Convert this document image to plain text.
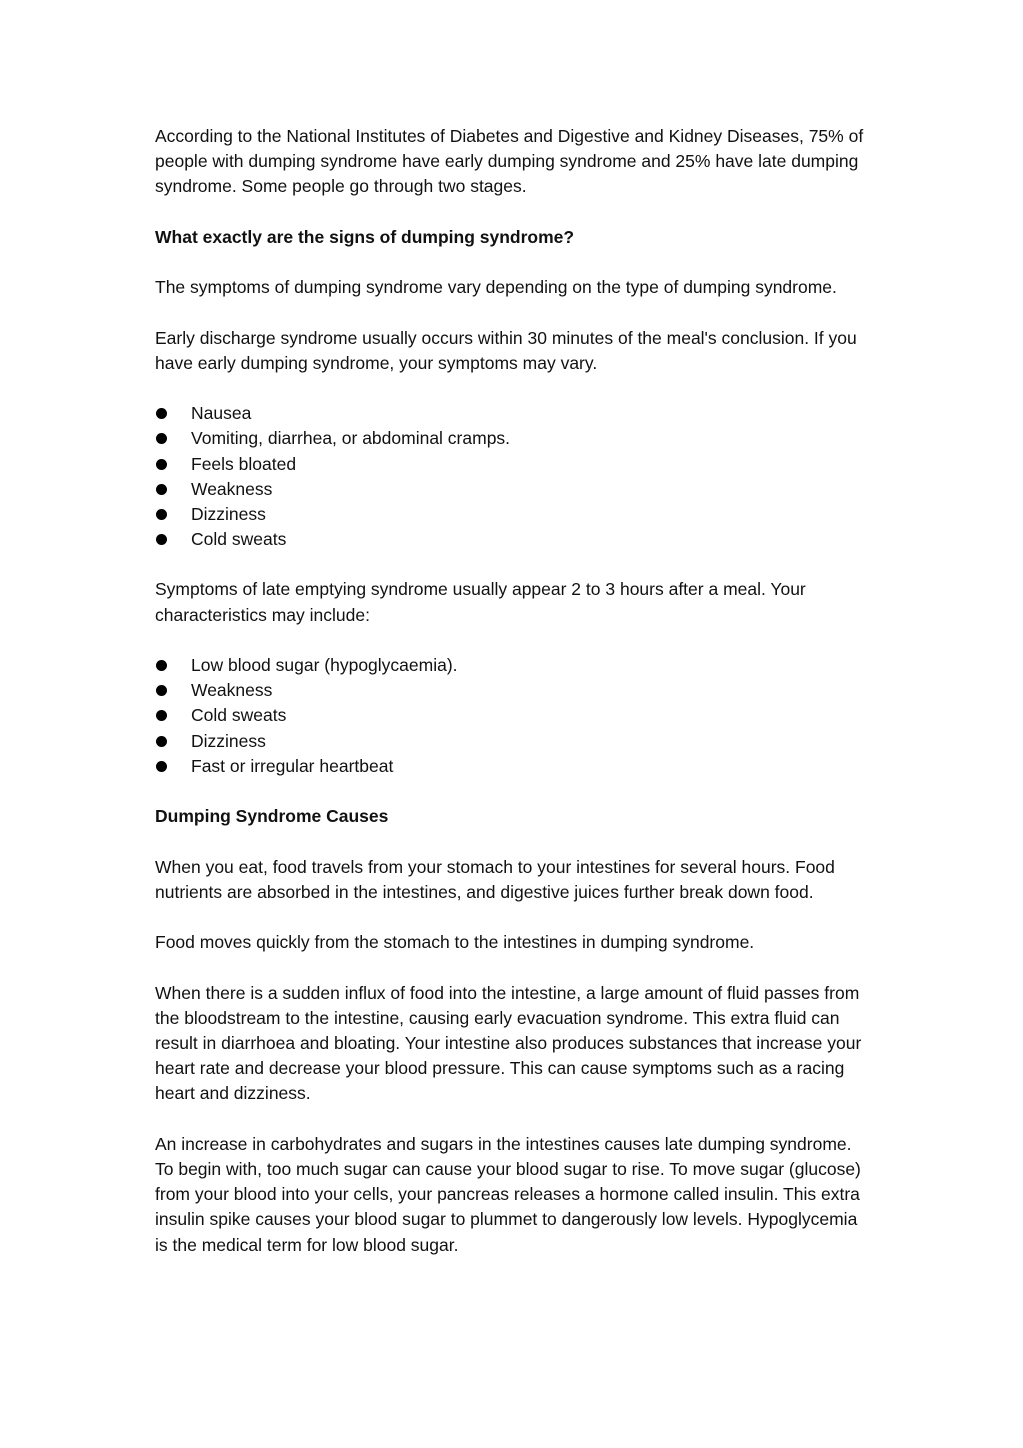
According to the National Institutes of Diabetes and Digestive and Kidney Diseases, 75% of people with dumping syndrome have early dumping syndrome and 25% have late dumping syndrome. Some people go through two stages.

What exactly are the signs of dumping syndrome?

The symptoms of dumping syndrome vary depending on the type of dumping syndrome.

Early discharge syndrome usually occurs within 30 minutes of the meal's conclusion. If you have early dumping syndrome, your symptoms may vary.

Nausea
Vomiting, diarrhea, or abdominal cramps.
Feels bloated
Weakness
Dizziness
Cold sweats

Symptoms of late emptying syndrome usually appear 2 to 3 hours after a meal. Your characteristics may include:

Low blood sugar (hypoglycaemia).
Weakness
Cold sweats
Dizziness
Fast or irregular heartbeat
Dumping Syndrome Causes

When you eat, food travels from your stomach to your intestines for several hours. Food nutrients are absorbed in the intestines, and digestive juices further break down food.

Food moves quickly from the stomach to the intestines in dumping syndrome.

When there is a sudden influx of food into the intestine, a large amount of fluid passes from the bloodstream to the intestine, causing early evacuation syndrome. This extra fluid can result in diarrhoea and bloating. Your intestine also produces substances that increase your heart rate and decrease your blood pressure. This can cause symptoms such as a racing heart and dizziness.

An increase in carbohydrates and sugars in the intestines causes late dumping syndrome. To begin with, too much sugar can cause your blood sugar to rise. To move sugar (glucose) from your blood into your cells, your pancreas releases a hormone called insulin. This extra insulin spike causes your blood sugar to plummet to dangerously low levels. Hypoglycemia is the medical term for low blood sugar.
